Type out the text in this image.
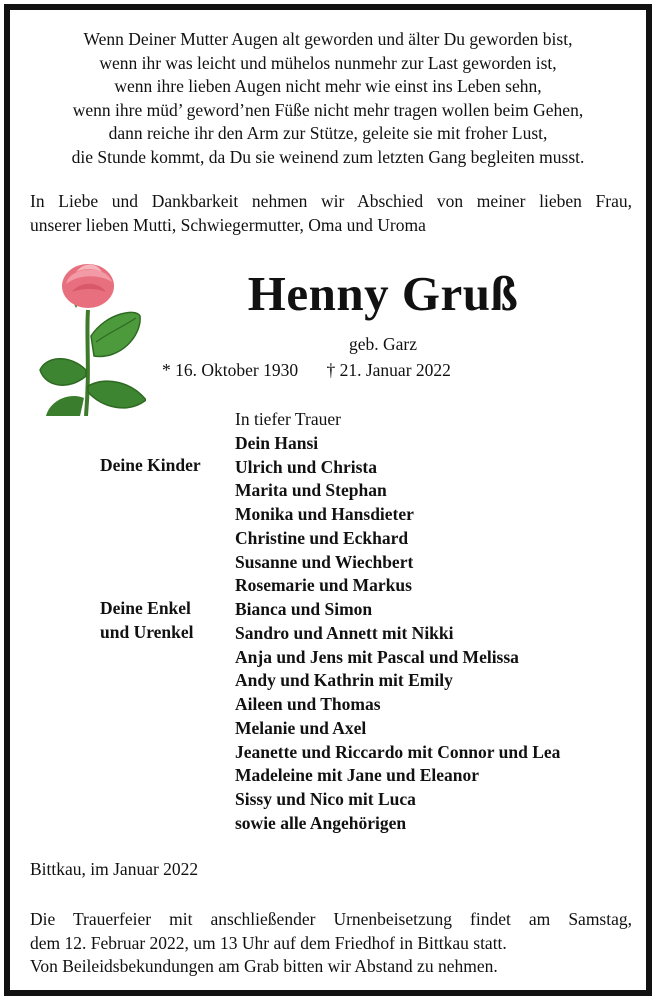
Wenn Deiner Mutter Augen alt geworden und älter Du geworden bist,
wenn ihr was leicht und mühelos nunmehr zur Last geworden ist,
wenn ihre lieben Augen nicht mehr wie einst ins Leben sehn,
wenn ihre müd’ geword’nen Füße nicht mehr tragen wollen beim Gehen,
dann reiche ihr den Arm zur Stütze, geleite sie mit froher Lust,
die Stunde kommt, da Du sie weinend zum letzten Gang begleiten musst.
In Liebe und Dankbarkeit nehmen wir Abschied von meiner lieben Frau,
unserer lieben Mutti, Schwiegermutter, Oma und Uroma
Henny Gruß
geb. Garz
* 16. Oktober 1930 † 21. Januar 2022
Deine Kinder
Deine Enkel
und Urenkel
In tiefer Trauer
Dein Hansi
Ulrich und Christa
Marita und Stephan
Monika und Hansdieter
Christine und Eckhard
Susanne und Wiechbert
Rosemarie und Markus
Bianca und Simon
Sandro und Annett mit Nikki
Anja und Jens mit Pascal und Melissa
Andy und Kathrin mit Emily
Aileen und Thomas
Melanie und Axel
Jeanette und Riccardo mit Connor und Lea
Madeleine mit Jane und Eleanor
Sissy und Nico mit Luca
sowie alle Angehörigen
Bittkau, im Januar 2022
Die Trauerfeier mit anschließender Urnenbeisetzung findet am Samstag,
dem 12. Februar 2022, um 13 Uhr auf dem Friedhof in Bittkau statt.
Von Beileidsbekundungen am Grab bitten wir Abstand zu nehmen.
